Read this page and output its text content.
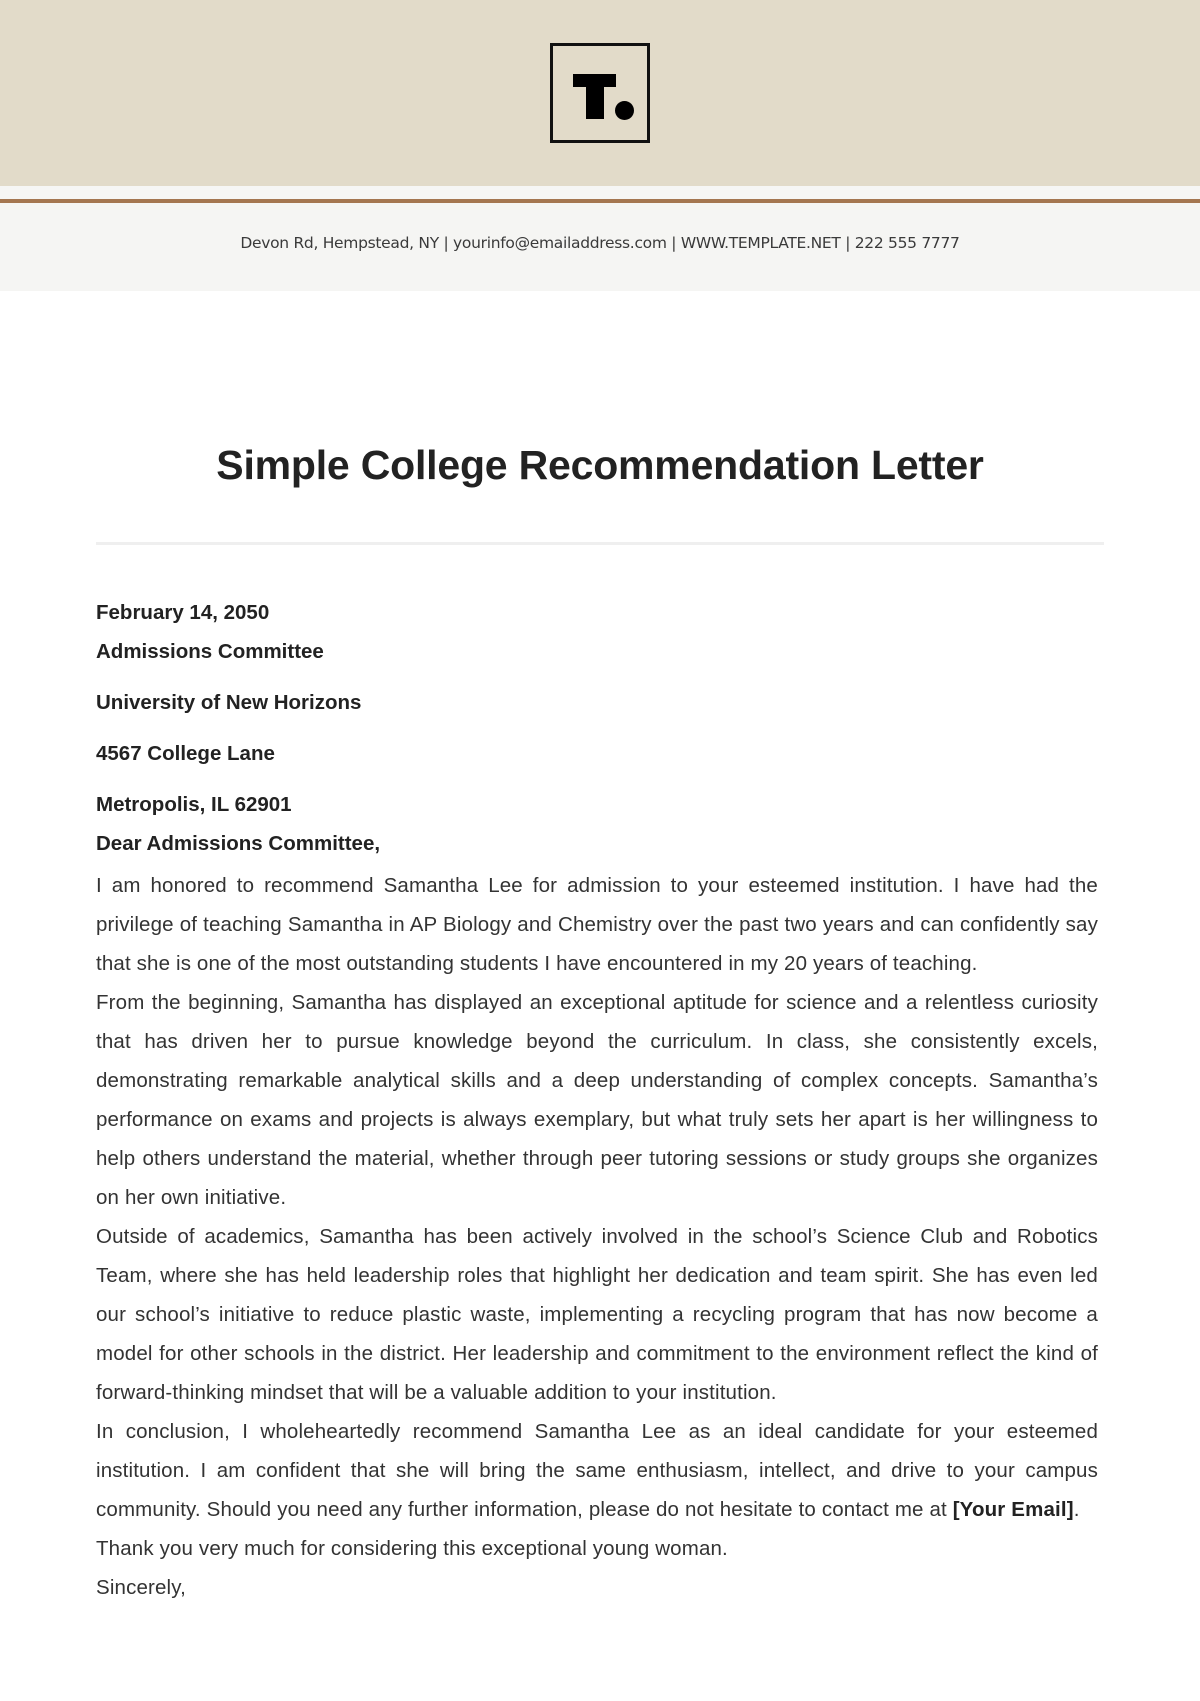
Devon Rd, Hempstead, NY | yourinfo@emailaddress.com | WWW.TEMPLATE.NET | 222 555 7777
Simple College Recommendation Letter
February 14, 2050
Admissions Committee
University of New Horizons
4567 College Lane
Metropolis, IL 62901
Dear Admissions Committee,

I am honored to recommend Samantha Lee for admission to your esteemed institution. I have had the privilege of teaching Samantha in AP Biology and Chemistry over the past two years and can confidently say that she is one of the most outstanding students I have encountered in my 20 years of teaching.

From the beginning, Samantha has displayed an exceptional aptitude for science and a relentless curiosity that has driven her to pursue knowledge beyond the curriculum. In class, she consistently excels, demonstrating remarkable analytical skills and a deep understanding of complex concepts. Samantha’s performance on exams and projects is always exemplary, but what truly sets her apart is her willingness to help others understand the material, whether through peer tutoring sessions or study groups she organizes on her own initiative.

Outside of academics, Samantha has been actively involved in the school’s Science Club and Robotics Team, where she has held leadership roles that highlight her dedication and team spirit. She has even led our school’s initiative to reduce plastic waste, implementing a recycling program that has now become a model for other schools in the district. Her leadership and commitment to the environment reflect the kind of forward-thinking mindset that will be a valuable addition to your institution.

In conclusion, I wholeheartedly recommend Samantha Lee as an ideal candidate for your esteemed institution. I am confident that she will bring the same enthusiasm, intellect, and drive to your campus community. Should you need any further information, please do not hesitate to contact me at [Your Email].

Thank you very much for considering this exceptional young woman.

Sincerely,
